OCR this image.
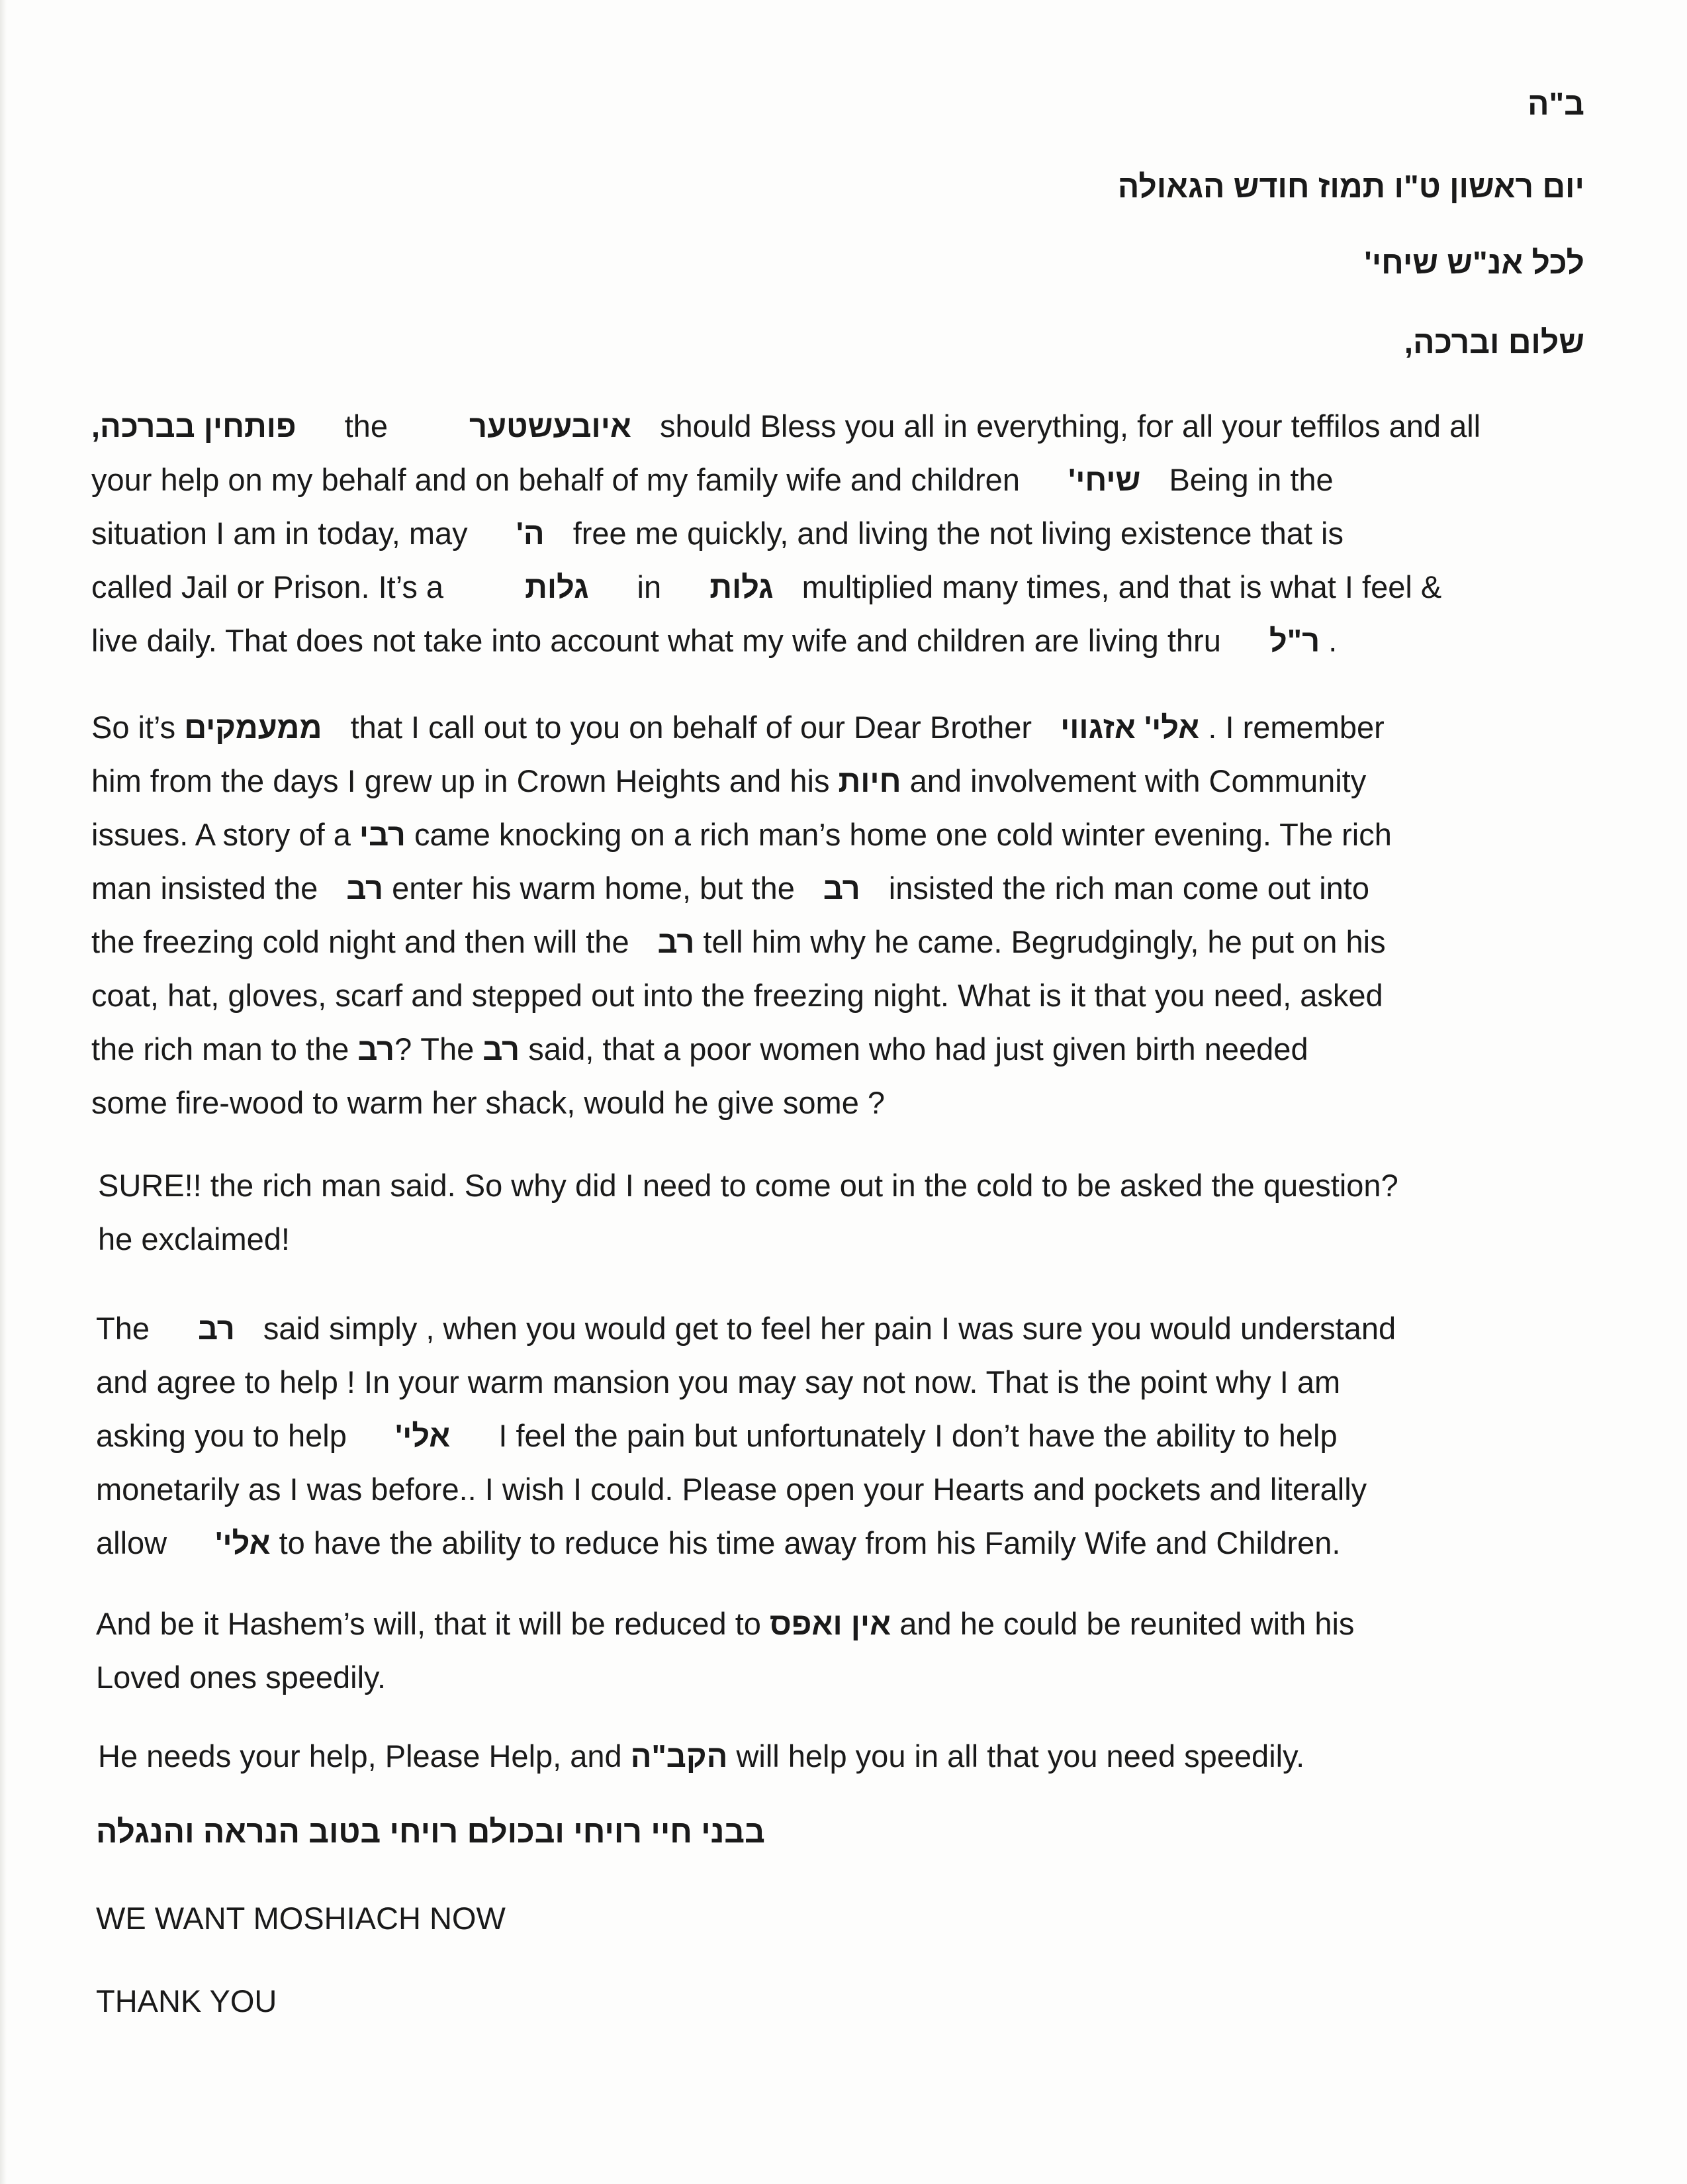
ב"ה
יום ראשון ט"ו תמוז חודש הגאולה
לכל אנ"ש שיחי'
שלום וברכה,
פותחין בברכה, the	איובעשטער should Bless you all in everything, for all your teffilos and all
your help on my behalf and on behalf of my family wife and children שיחי' Being in the
situation I am in today, may ה' free me quickly, and living the not living existence that is
called Jail or Prison. It’s a	גלות in גלות multiplied many times, and that is what I feel &
live daily. That does not take into account what my wife and children are living thru ר"ל .
So it’s ממעמקים that I call out to you on behalf of our Dear Brother אלי' אזגווי . I remember
him from the days I grew up in Crown Heights and his חיות and involvement with Community
issues. A story of a רבי came knocking on a rich man’s home one cold winter evening. The rich
man insisted the רב enter his warm home, but the רב insisted the rich man come out into
the freezing cold night and then will the רב tell him why he came. Begrudgingly, he put on his
coat, hat, gloves, scarf and stepped out into the freezing night. What is it that you need, asked
the rich man to the רב? The רב said, that a poor women who had just given birth needed
some fire-wood to warm her shack, would he give some ?
SURE!! the rich man said. So why did I need to come out in the cold to be asked the question?
he exclaimed!
The רב said simply , when you would get to feel her pain I was sure you would understand
and agree to help ! In your warm mansion you may say not now. That is the point why I am
asking you to help אלי' I feel the pain but unfortunately I don’t have the ability to help
monetarily as I was before.. I wish I could. Please open your Hearts and pockets and literally
allow אלי' to have the ability to reduce his time away from his Family Wife and Children.
And be it Hashem’s will, that it will be reduced to אין ואפס and he could be reunited with his
Loved ones speedily.
He needs your help, Please Help, and הקב"ה will help you in all that you need speedily.
בבני חיי רויחי ובכולם רויחי בטוב הנראה והנגלה
WE WANT MOSHIACH NOW
THANK YOU
